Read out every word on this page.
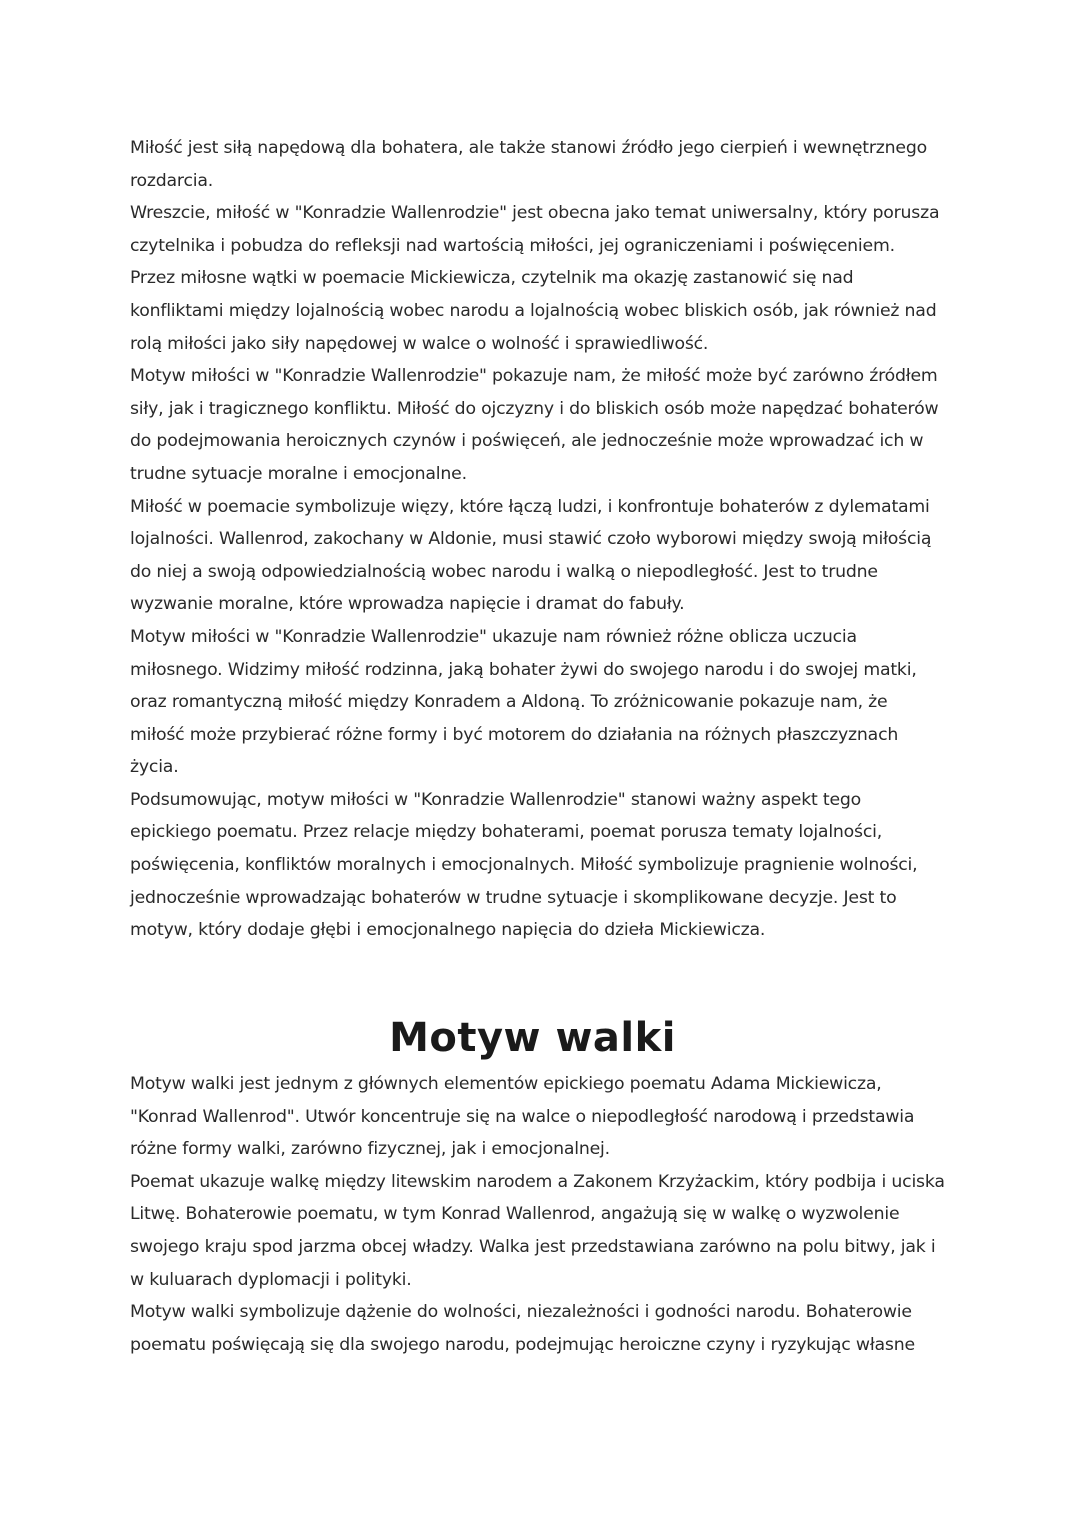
Miłość jest siłą napędową dla bohatera, ale także stanowi źródło jego cierpień i wewnętrznego rozdarcia.

Wreszcie, miłość w "Konradzie Wallenrodzie" jest obecna jako temat uniwersalny, który porusza czytelnika i pobudza do refleksji nad wartością miłości, jej ograniczeniami i poświęceniem. Przez miłosne wątki w poemacie Mickiewicza, czytelnik ma okazję zastanowić się nad konfliktami między lojalnością wobec narodu a lojalnością wobec bliskich osób, jak również nad rolą miłości jako siły napędowej w walce o wolność i sprawiedliwość.

Motyw miłości w "Konradzie Wallenrodzie" pokazuje nam, że miłość może być zarówno źródłem siły, jak i tragicznego konfliktu. Miłość do ojczyzny i do bliskich osób może napędzać bohaterów do podejmowania heroicznych czynów i poświęceń, ale jednocześnie może wprowadzać ich w trudne sytuacje moralne i emocjonalne.

Miłość w poemacie symbolizuje więzy, które łączą ludzi, i konfrontuje bohaterów z dylematami lojalności. Wallenrod, zakochany w Aldonie, musi stawić czoło wyborowi między swoją miłością do niej a swoją odpowiedzialnością wobec narodu i walką o niepodległość. Jest to trudne wyzwanie moralne, które wprowadza napięcie i dramat do fabuły.

Motyw miłości w "Konradzie Wallenrodzie" ukazuje nam również różne oblicza uczucia miłosnego. Widzimy miłość rodzinna, jaką bohater żywi do swojego narodu i do swojej matki, oraz romantyczną miłość między Konradem a Aldoną. To zróżnicowanie pokazuje nam, że miłość może przybierać różne formy i być motorem do działania na różnych płaszczyznach życia.

Podsumowując, motyw miłości w "Konradzie Wallenrodzie" stanowi ważny aspekt tego epickiego poematu. Przez relacje między bohaterami, poemat porusza tematy lojalności, poświęcenia, konfliktów moralnych i emocjonalnych. Miłość symbolizuje pragnienie wolności, jednocześnie wprowadzając bohaterów w trudne sytuacje i skomplikowane decyzje. Jest to motyw, który dodaje głębi i emocjonalnego napięcia do dzieła Mickiewicza.

Motyw walki

Motyw walki jest jednym z głównych elementów epickiego poematu Adama Mickiewicza, "Konrad Wallenrod". Utwór koncentruje się na walce o niepodległość narodową i przedstawia różne formy walki, zarówno fizycznej, jak i emocjonalnej.

Poemat ukazuje walkę między litewskim narodem a Zakonem Krzyżackim, który podbija i uciska Litwę. Bohaterowie poematu, w tym Konrad Wallenrod, angażują się w walkę o wyzwolenie swojego kraju spod jarzma obcej władzy. Walka jest przedstawiana zarówno na polu bitwy, jak i w kuluarach dyplomacji i polityki.

Motyw walki symbolizuje dążenie do wolności, niezależności i godności narodu. Bohaterowie poematu poświęcają się dla swojego narodu, podejmując heroiczne czyny i ryzykując własne
